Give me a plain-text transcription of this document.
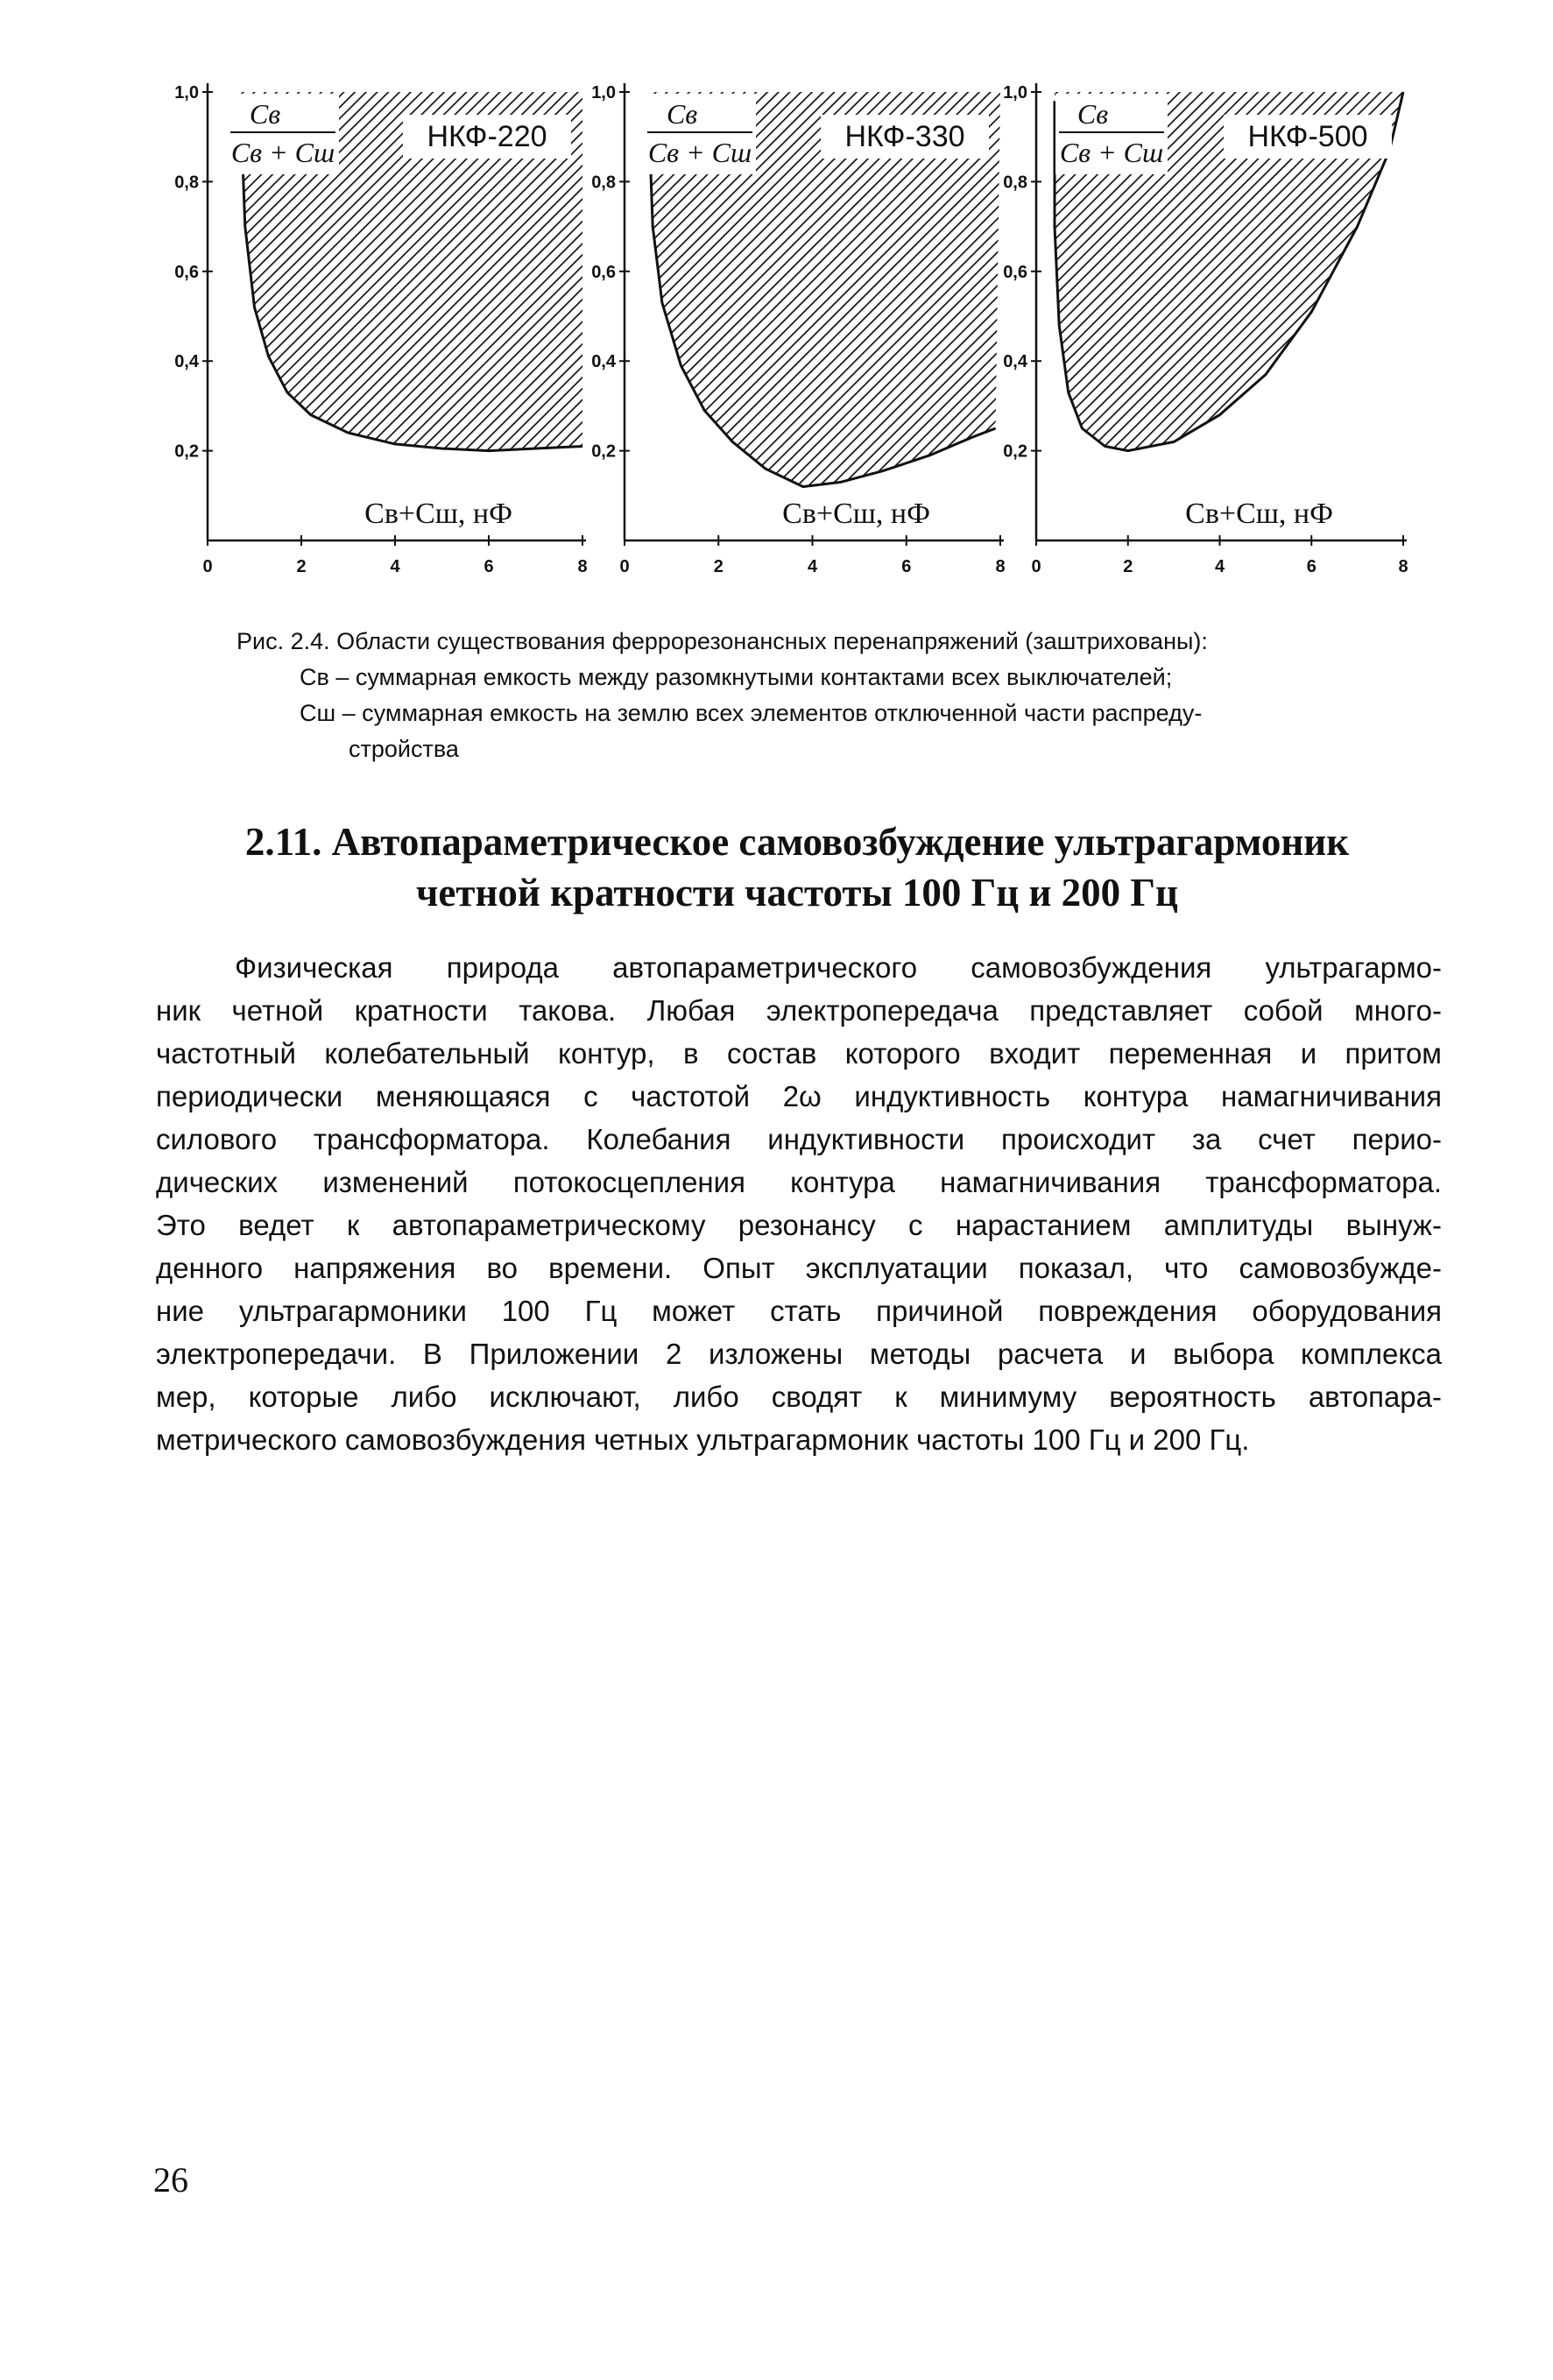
Cв
Cв + Cш	НКФ-220
1,0
0,8
0,6
0,4
0,2
0	2	4	6	8
Cв+Cш, нФ
Cв
Cв + Cш	НКФ-330
1,0
0,8
0,6
0,4
0,2
0	2	4	6	8
Cв+Cш, нФ
Cв
Cв + Cш	НКФ-500
1,0
0,8
0,6
0,4
0,2
0	2	4	6	8
Cв+Cш, нФ
Рис. 2.4. Области существования феррорезонансных перенапряжений (заштрихованы):
Cв – суммарная емкость между разомкнутыми контактами всех выключателей;
Cш – суммарная емкость на землю всех элементов отключенной части распреду-
стройства
2.11. Автопараметрическое самовозбуждение ультрагармоник
четной кратности частоты 100 Гц и 200 Гц
Физическая природа автопараметрического самовозбуждения ультрагармо-
ник четной кратности такова. Любая электропередача представляет собой много-
частотный колебательный контур, в состав которого входит переменная и притом
периодически меняющаяся с частотой 2ω индуктивность контура намагничивания
силового трансформатора. Колебания индуктивности происходит за счет перио-
дических изменений потокосцепления контура намагничивания трансформатора.
Это ведет к автопараметрическому резонансу с нарастанием амплитуды вынуж-
денного напряжения во времени. Опыт эксплуатации показал, что самовозбужде-
ние ультрагармоники 100 Гц может стать причиной повреждения оборудования
электропередачи. В Приложении 2 изложены методы расчета и выбора комплекса
мер, которые либо исключают, либо сводят к минимуму вероятность автопара-
метрического самовозбуждения четных ультрагармоник частоты 100 Гц и 200 Гц.
26
